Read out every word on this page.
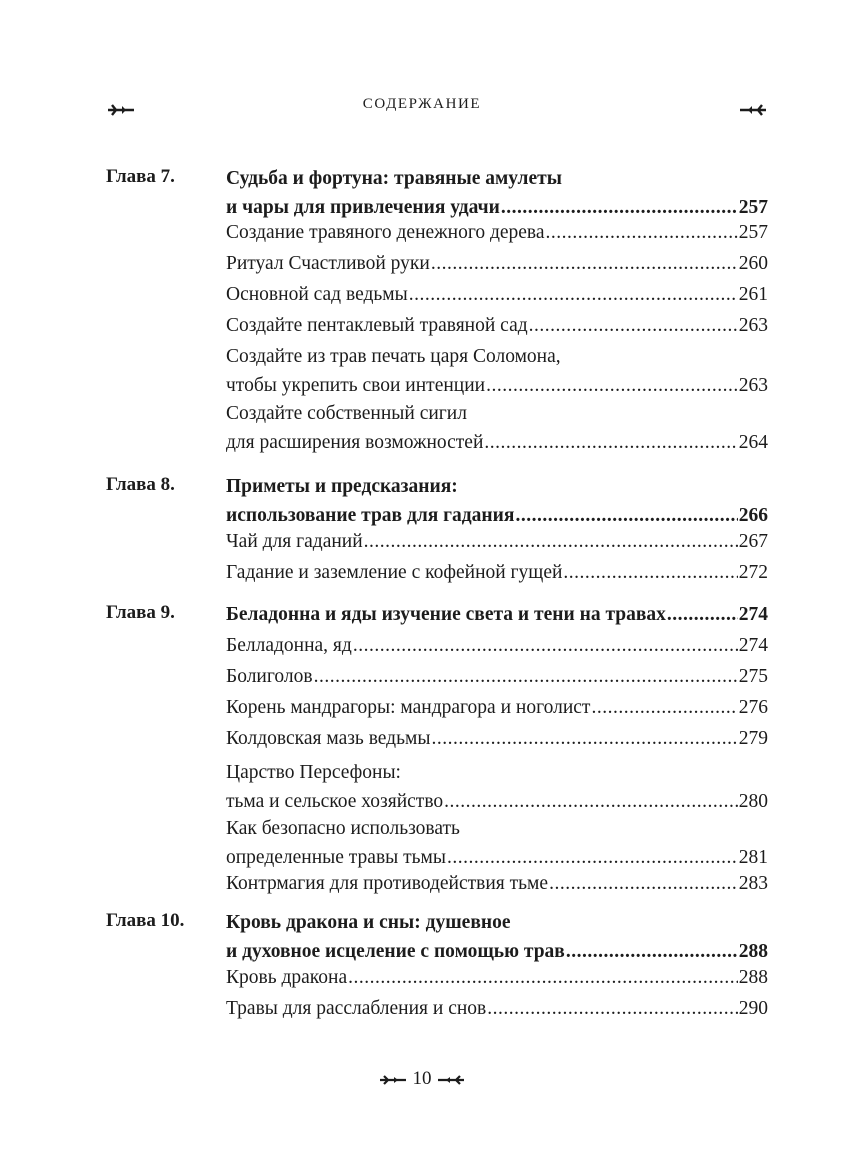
СОДЕРЖАНИЕ
Глава 7.	Судьба и фортуна: травяные амулеты
и чары для привлечения удачи .....	257
Создание травяного денежного дерева .....	257
Ритуал Счастливой руки .....	260
Основной сад ведьмы .....	261
Создайте пентаклевый травяной сад .....	263
Создайте из трав печать царя Соломона,
чтобы укрепить свои интенции .....	263
Создайте собственный сигил
для расширения возможностей .....	264
Глава 8.	Приметы и предсказания:
использование трав для гадания .....	266
Чай для гаданий .....	267
Гадание и заземление с кофейной гущей .....	272
Глава 9.	Беладонна и яды изучение света и тени на травах .....	274
Белладонна, яд .....	274
Болиголов .....	275
Корень мандрагоры: мандрагора и ноголист .....	276
Колдовская мазь ведьмы .....	279
Царство Персефоны:
тьма и сельское хозяйство .....	280
Как безопасно использовать
определенные травы тьмы .....	281
Контрмагия для противодействия тьме .....	283
Глава 10. Кровь дракона и сны: душевное
и духовное исцеление с помощью трав .....	288
Кровь дракона .....	288
Травы для расслабления и снов .....	290
10
